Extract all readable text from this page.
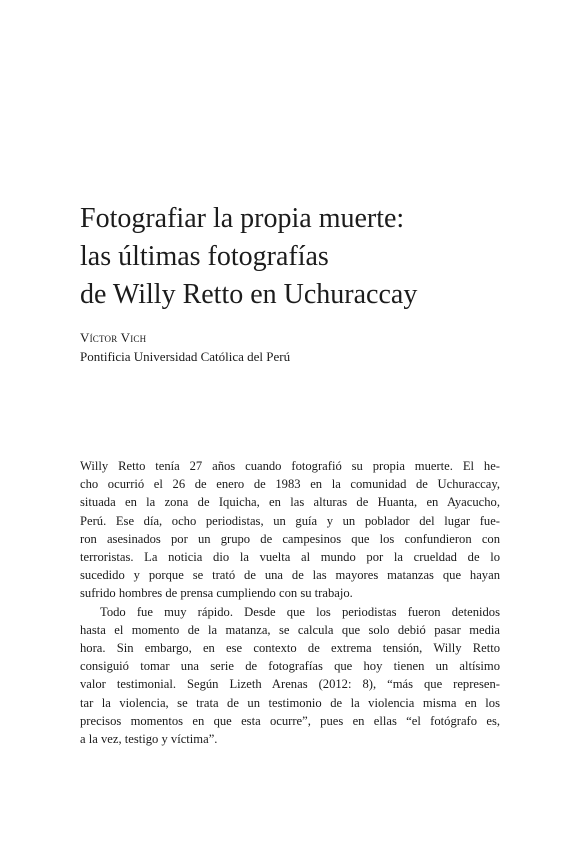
Fotografiar la propia muerte:
las últimas fotografías
de Willy Retto en Uchuraccay
Víctor Vich
Pontificia Universidad Católica del Perú
Willy Retto tenía 27 años cuando fotografió su propia muerte. El he-
cho ocurrió el 26 de enero de 1983 en la comunidad de Uchuraccay,
situada en la zona de Iquicha, en las alturas de Huanta, en Ayacucho,
Perú. Ese día, ocho periodistas, un guía y un poblador del lugar fue-
ron asesinados por un grupo de campesinos que los confundieron con
terroristas. La noticia dio la vuelta al mundo por la crueldad de lo
sucedido y porque se trató de una de las mayores matanzas que hayan
sufrido hombres de prensa cumpliendo con su trabajo.
Todo fue muy rápido. Desde que los periodistas fueron detenidos
hasta el momento de la matanza, se calcula que solo debió pasar media
hora. Sin embargo, en ese contexto de extrema tensión, Willy Retto
consiguió tomar una serie de fotografías que hoy tienen un altísimo
valor testimonial. Según Lizeth Arenas (2012: 8), “más que represen-
tar la violencia, se trata de un testimonio de la violencia misma en los
precisos momentos en que esta ocurre”, pues en ellas “el fotógrafo es,
a la vez, testigo y víctima”.
